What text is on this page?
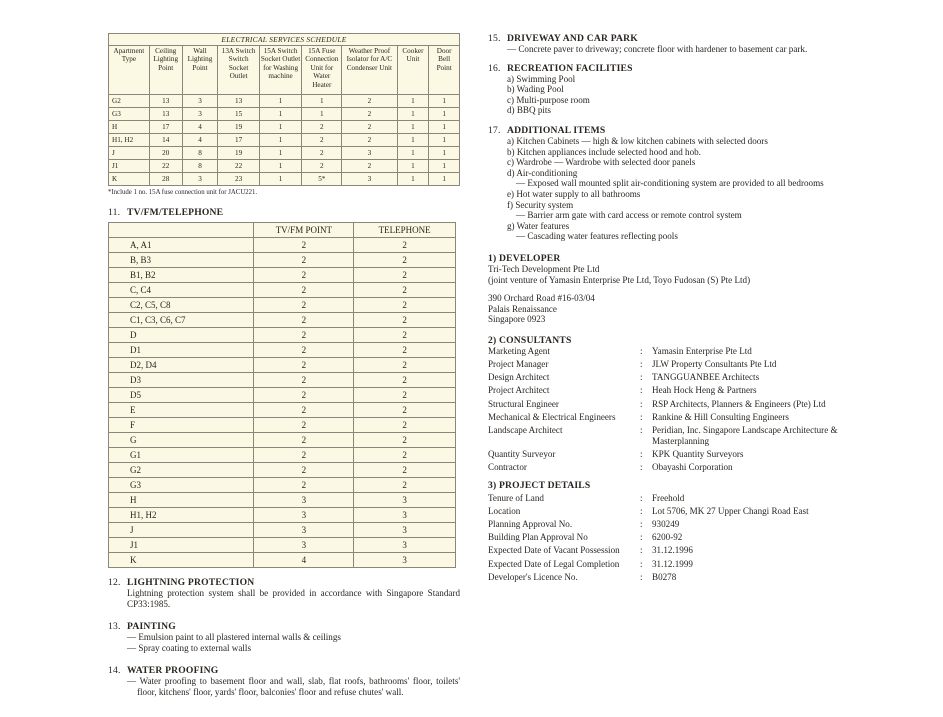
ELECTRICAL SERVICES SCHEDULE								
Apartment Type	Ceiling Lighting Point	Wall Lighting Point	13A Switch Switch Socket Outlet	15A Switch Socket Outlet for Washing machine	15A Fuse Connection Unit for Water Heater	Weather Proof Isolator for A/C Condenser Unit	Cooker Unit	Door Bell Point
G2	13	3	13	1	1	2	1	1
G3	13	3	15	1	1	2	1	1
H	17	4	19	1	2	2	1	1
H1, H2	14	4	17	1	2	2	1	1
J	20	8	19	1	2	3	1	1
J1	22	8	22	1	2	2	1	1
K	28	3	23	1	5*	3	1	1
*Include 1 no. 15A fuse connection unit for JACU221.
11. TV/FM/TELEPHONE
	TV/FM POINT	TELEPHONE
A, A1	2	2
B, B3	2	2
B1, B2	2	2
C, C4	2	2
C2, C5, C8	2	2
C1, C3, C6, C7	2	2
D	2	2
D1	2	2
D2, D4	2	2
D3	2	2
D5	2	2
E	2	2
F	2	2
G	2	2
G1	2	2
G2	2	2
G3	2	2
H	3	3
H1, H2	3	3
J	3	3
J1	3	3
K	4	3
12. LIGHTNING PROTECTION
Lightning protection system shall be provided in accordance with Singapore Standard CP33:1985.
13. PAINTING
— Emulsion paint to all plastered internal walls & ceilings
— Spray coating to external walls
14. WATER PROOFING
— Water proofing to basement floor and wall, slab, flat roofs, bathrooms' floor, toilets' floor, kitchens' floor, yards' floor, balconies' floor and refuse chutes' wall.
15. DRIVEWAY AND CAR PARK
— Concrete paver to driveway; concrete floor with hardener to basement car park.
16. RECREATION FACILITIES
a) Swimming Pool
b) Wading Pool
c) Multi-purpose room
d) BBQ pits
17. ADDITIONAL ITEMS
a) Kitchen Cabinets — high & low kitchen cabinets with selected doors
b) Kitchen appliances include selected hood and hob.
c) Wardrobe — Wardrobe with selected door panels
d) Air-conditioning
— Exposed wall mounted split air-conditioning system are provided to all bedrooms
e) Hot water supply to all bathrooms
f) Security system
— Barrier arm gate with card access or remote control system
g) Water features
— Cascading water features reflecting pools
1) DEVELOPER
Tri-Tech Development Pte Ltd
(joint venture of Yamasin Enterprise Pte Ltd, Toyo Fudosan (S) Pte Ltd)
390 Orchard Road #16-03/04
Palais Renaissance
Singapore 0923
2) CONSULTANTS
Marketing Agent	:	Yamasin Enterprise Pte Ltd
Project Manager	:	JLW Property Consultants Pte Ltd
Design Architect	:	TANGGUANBEE Architects
Project Architect	:	Heah Hock Heng & Partners
Structural Engineer	:	RSP Architects, Planners & Engineers (Pte) Ltd
Mechanical & Electrical Engineers	:	Rankine & Hill Consulting Engineers
Landscape Architect	:	Peridian, Inc. Singapore Landscape Architecture & Masterplanning
Quantity Surveyor	:	KPK Quantity Surveyors
Contractor	:	Obayashi Corporation
3) PROJECT DETAILS
Tenure of Land	:	Freehold
Location	:	Lot 5706, MK 27 Upper Changi Road East
Planning Approval No.	:	930249
Building Plan Approval No	:	6200-92
Expected Date of Vacant Possession	:	31.12.1996
Expected Date of Legal Completion	:	31.12.1999
Developer's Licence No.	:	B0278
